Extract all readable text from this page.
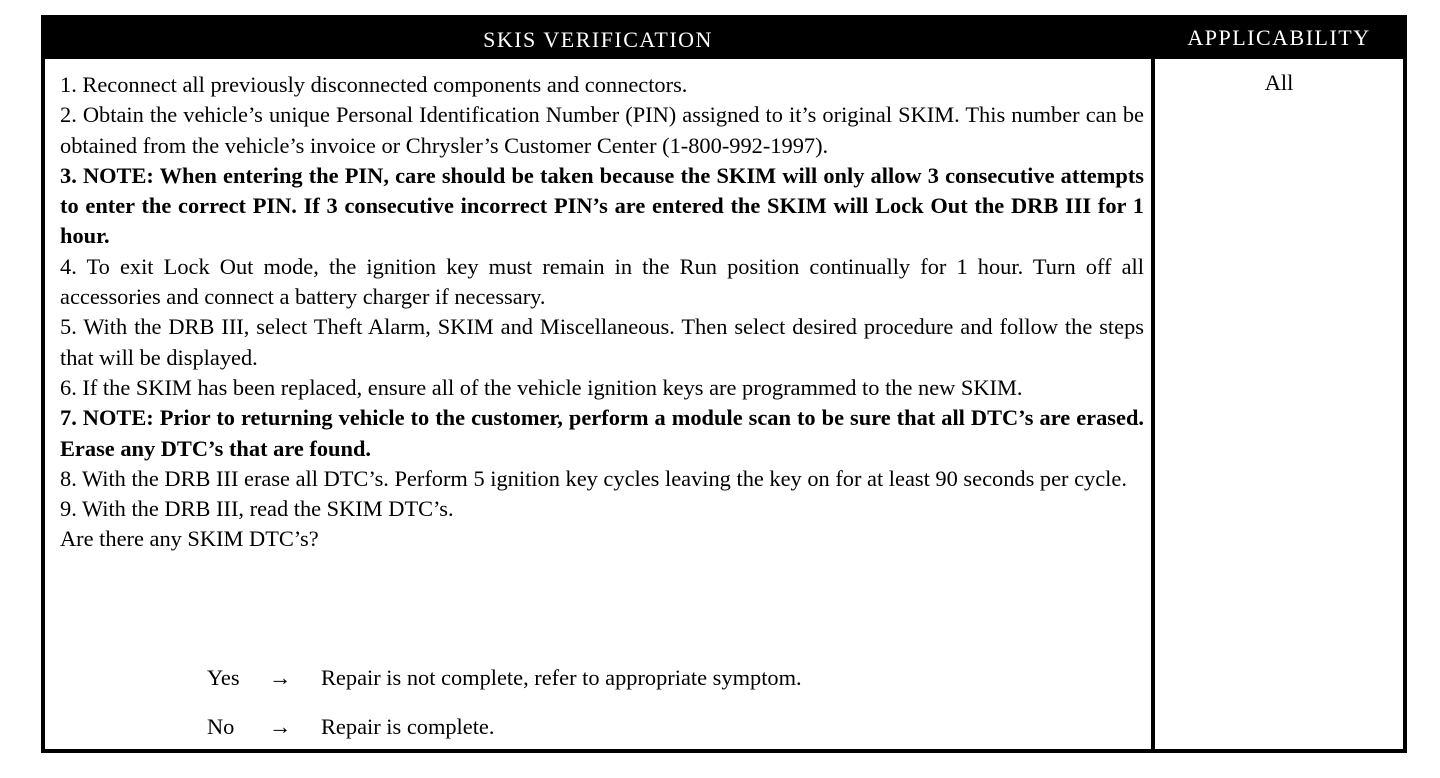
SKIS VERIFICATION	APPLICABILITY

1. Reconnect all previously disconnected components and connectors.

2. Obtain the vehicle’s unique Personal Identification Number (PIN) assigned to it’s original SKIM. This number can be obtained from the vehicle’s invoice or Chrysler’s Customer Center (1-800-992-1997).

3. NOTE: When entering the PIN, care should be taken because the SKIM will only allow 3 consecutive attempts to enter the correct PIN. If 3 consecutive incorrect PIN’s are entered the SKIM will Lock Out the DRB III for 1 hour.

4. To exit Lock Out mode, the ignition key must remain in the Run position continually for 1 hour. Turn off all accessories and connect a battery charger if necessary.

5. With the DRB III, select Theft Alarm, SKIM and Miscellaneous. Then select desired procedure and follow the steps that will be displayed.

6. If the SKIM has been replaced, ensure all of the vehicle ignition keys are programmed to the new SKIM.

7. NOTE: Prior to returning vehicle to the customer, perform a module scan to be sure that all DTC’s are erased. Erase any DTC’s that are found.

8. With the DRB III erase all DTC’s. Perform 5 ignition key cycles leaving the key on for at least 90 seconds per cycle.

9. With the DRB III, read the SKIM DTC’s.

Are there any SKIM DTC’s?

Yes → Repair is not complete, refer to appropriate symptom.
No → Repair is complete.
All
